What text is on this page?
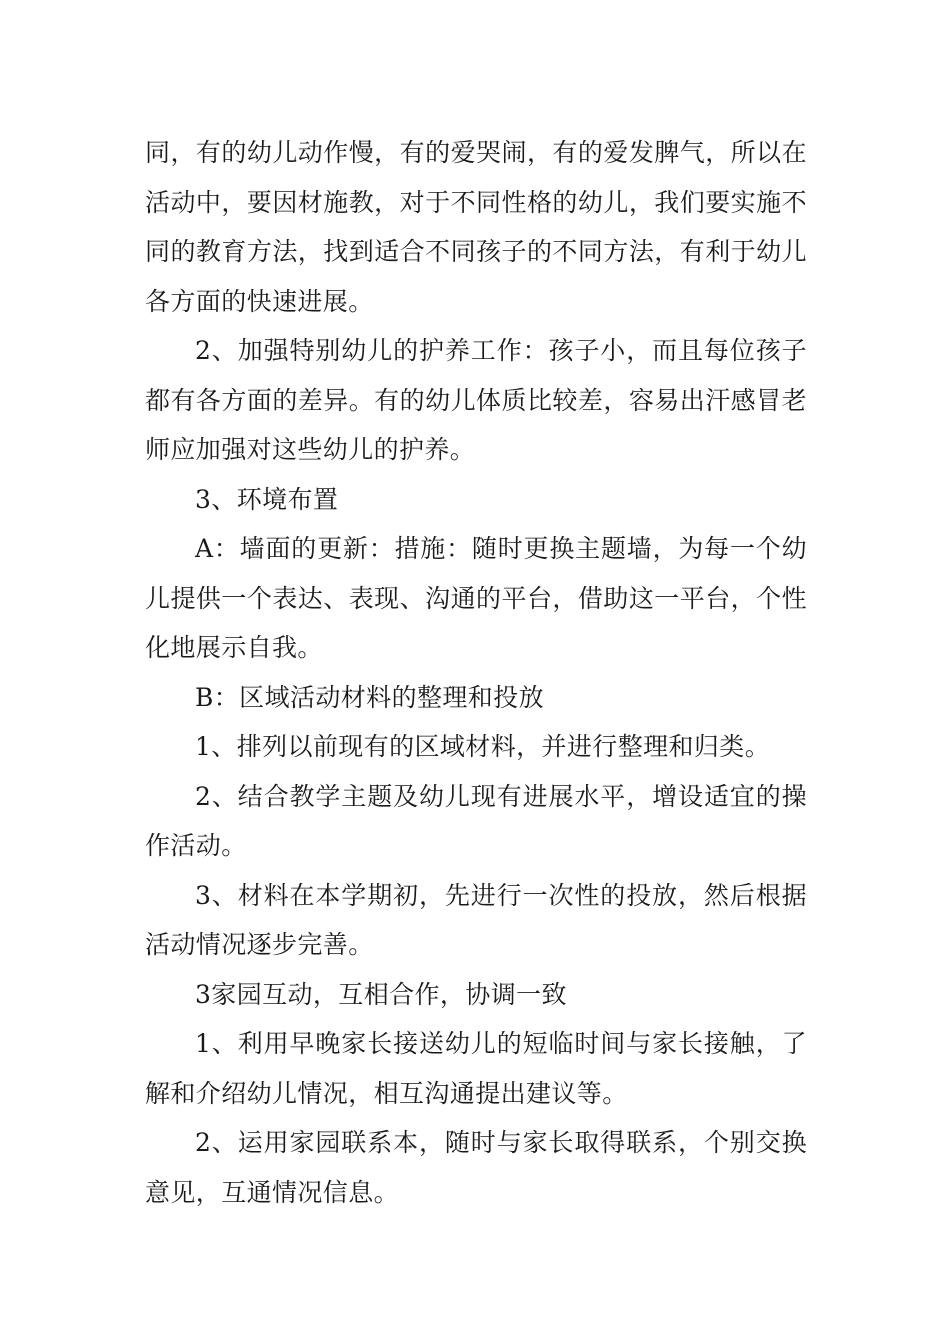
同，有的幼儿动作慢，有的爱哭闹，有的爱发脾气，所以在活动中，要因材施教，对于不同性格的幼儿，我们要实施不同的教育方法，找到适合不同孩子的不同方法，有利于幼儿各方面的快速进展。

2、加强特别幼儿的护养工作：孩子小，而且每位孩子都有各方面的差异。有的幼儿体质比较差，容易出汗感冒老师应加强对这些幼儿的护养。

3、环境布置

A：墙面的更新：措施：随时更换主题墙，为每一个幼儿提供一个表达、表现、沟通的平台，借助这一平台，个性化地展示自我。

B：区域活动材料的整理和投放

1、排列以前现有的区域材料，并进行整理和归类。

2、结合教学主题及幼儿现有进展水平，增设适宜的操作活动。

3、材料在本学期初，先进行一次性的投放，然后根据活动情况逐步完善。

3家园互动，互相合作，协调一致

1、利用早晚家长接送幼儿的短临时间与家长接触，了解和介绍幼儿情况，相互沟通提出建议等。

2、运用家园联系本，随时与家长取得联系，个别交换意见，互通情况信息。
